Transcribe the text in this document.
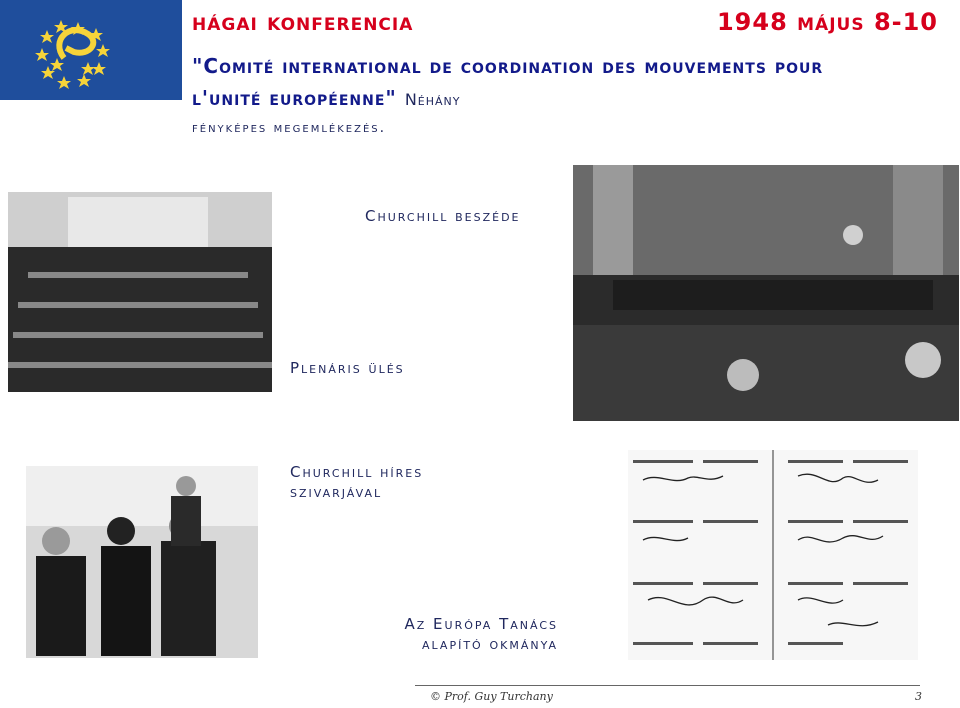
hágai konferencia	1948 május 8-10
"Comité international de coordination des mouvements pour l'unité européenne" Néhány
fényképes megemlékezés.
Churchill beszéde
Plenáris ülés
Churchill híres
szivarjával
Az Európa Tanács
alapító okmánya
© Prof. Guy Turchany	3
